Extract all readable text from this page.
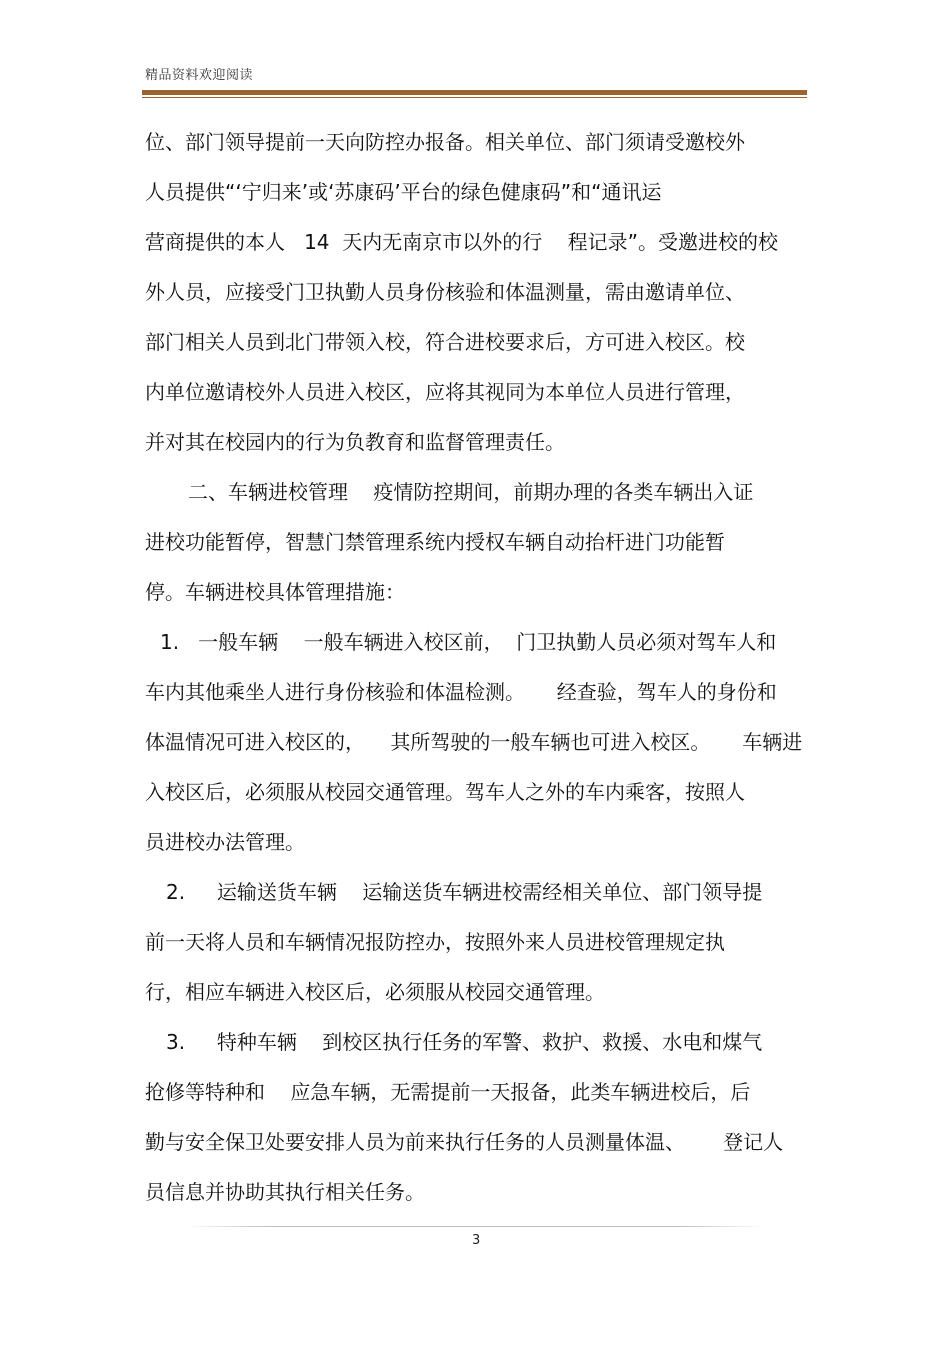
精品资料欢迎阅读
位、部门领导提前一天向防控办报备。相关单位、部门须请受邀校外
人员提供“‘宁归来’或‘苏康码’平台的绿色健康码”和“通讯运
营商提供的本人   14  天内无南京市以外的行    程记录”。受邀进校的校
外人员，应接受门卫执勤人员身份核验和体温测量，需由邀请单位、
部门相关人员到北门带领入校，符合进校要求后，方可进入校区。校
内单位邀请校外人员进入校区，应将其视同为本单位人员进行管理，
并对其在校园内的行为负教育和监督管理责任。
二、车辆进校管理    疫情防控期间，前期办理的各类车辆出入证
进校功能暂停，智慧门禁管理系统内授权车辆自动抬杆进门功能暂
停。车辆进校具体管理措施：
1.   一般车辆    一般车辆进入校区前，  门卫执勤人员必须对驾车人和
车内其他乘坐人进行身份核验和体温检测。     经查验，驾车人的身份和
体温情况可进入校区的，    其所驾驶的一般车辆也可进入校区。     车辆进
入校区后，必须服从校园交通管理。驾车人之外的车内乘客，按照人
员进校办法管理。
2.     运输送货车辆    运输送货车辆进校需经相关单位、部门领导提
前一天将人员和车辆情况报防控办，按照外来人员进校管理规定执
行，相应车辆进入校区后，必须服从校园交通管理。
3.     特种车辆    到校区执行任务的军警、救护、救援、水电和煤气
抢修等特种和    应急车辆，无需提前一天报备，此类车辆进校后，后
勤与安全保卫处要安排人员为前来执行任务的人员测量体温、      登记人
员信息并协助其执行相关任务。
3
